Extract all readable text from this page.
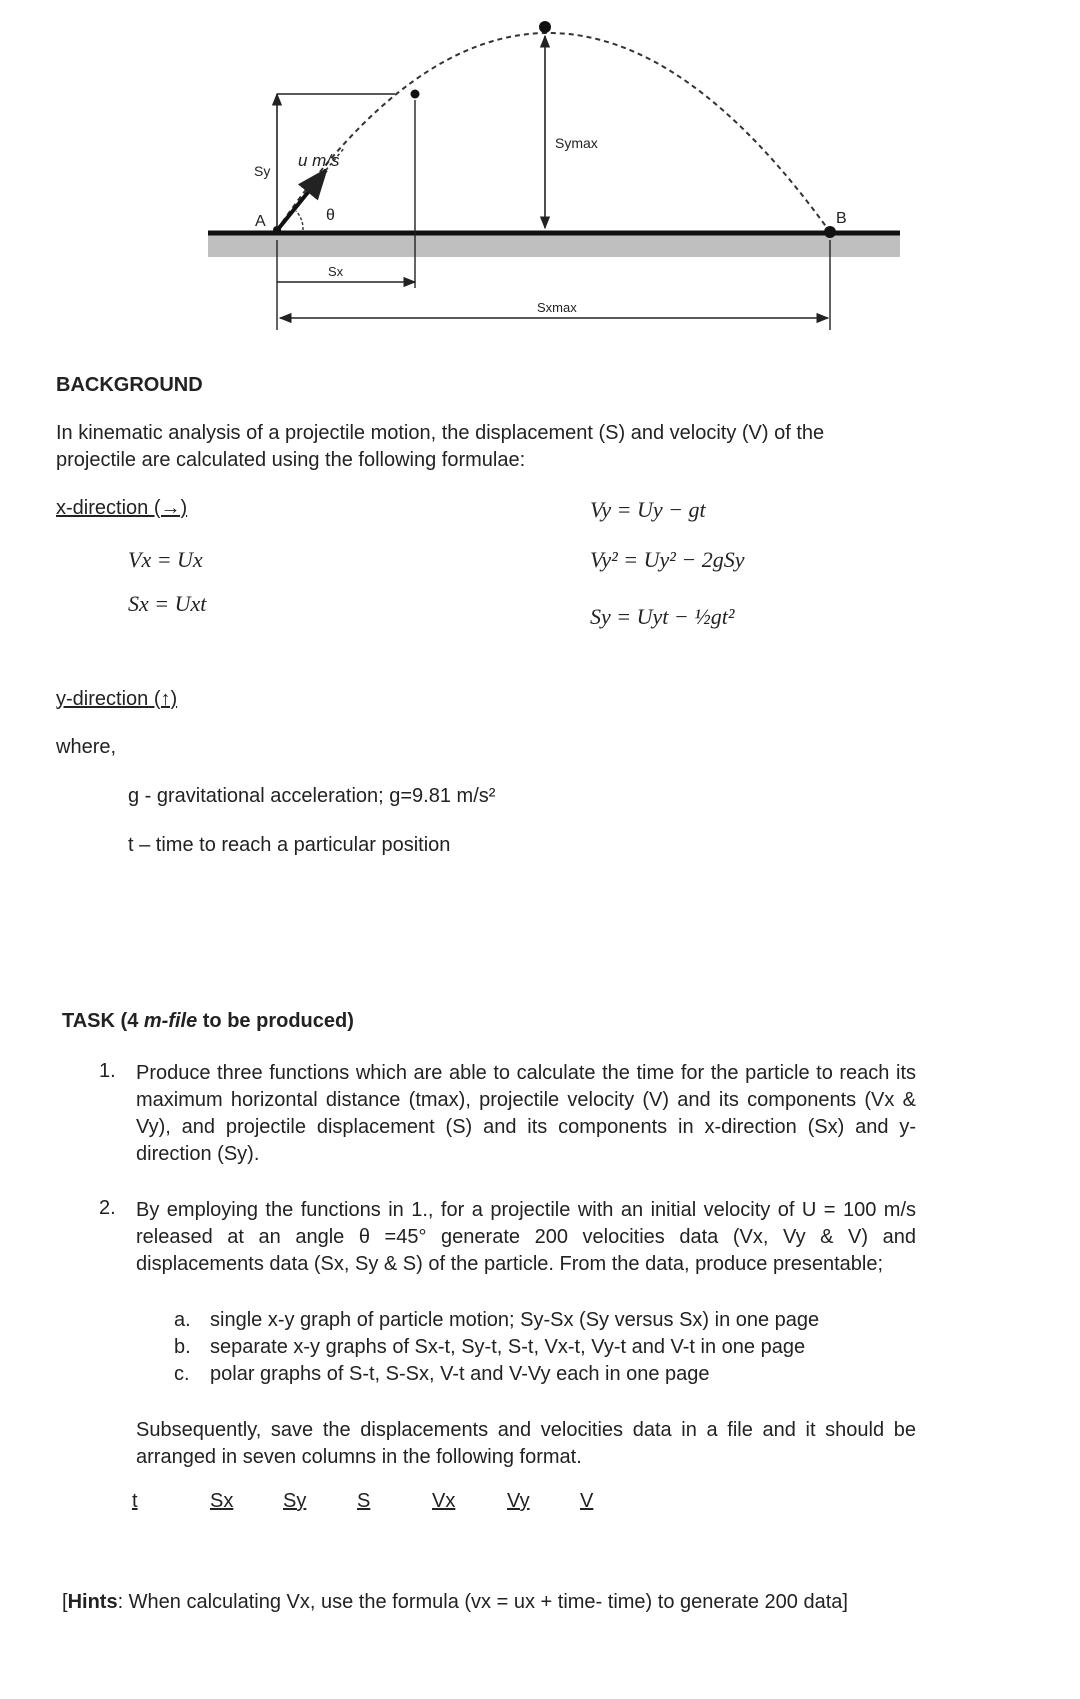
u m/s
Sy
θ
A	B
Sx
Symax
Sxmax
BACKGROUND
In kinematic analysis of a projectile motion, the displacement (S) and velocity (V) of the
projectile are calculated using the following formulae:
x-direction (→)
Vx = Ux
Sx = Uxt
Vy = Uy − gt
Vy² = Uy² − 2gSy
Sy = Uyt − ½gt²
y-direction (↑)
where,
g - gravitational acceleration; g=9.81 m/s²
t – time to reach a particular position
TASK (4 m-file to be produced)
1. Produce three functions which are able to calculate the time for the particle to reach its maximum horizontal distance (tmax), projectile velocity (V) and its components (Vx & Vy), and projectile displacement (S) and its components in x-direction (Sx) and y-direction (Sy).
2. By employing the functions in 1., for a projectile with an initial velocity of U = 100 m/s released at an angle θ =45° generate 200 velocities data (Vx, Vy & V) and displacements data (Sx, Sy & S) of the particle. From the data, produce presentable;
a. single x-y graph of particle motion; Sy-Sx (Sy versus Sx) in one page
b. separate x-y graphs of Sx-t, Sy-t, S-t, Vx-t, Vy-t and V-t in one page
c. polar graphs of S-t, S-Sx, V-t and V-Vy each in one page
Subsequently, save the displacements and velocities data in a file and it should be arranged in seven columns in the following format.
t	Sx Sy	S	Vx	Vy	V
[Hints: When calculating Vx, use the formula (vx = ux + time- time) to generate 200 data]
